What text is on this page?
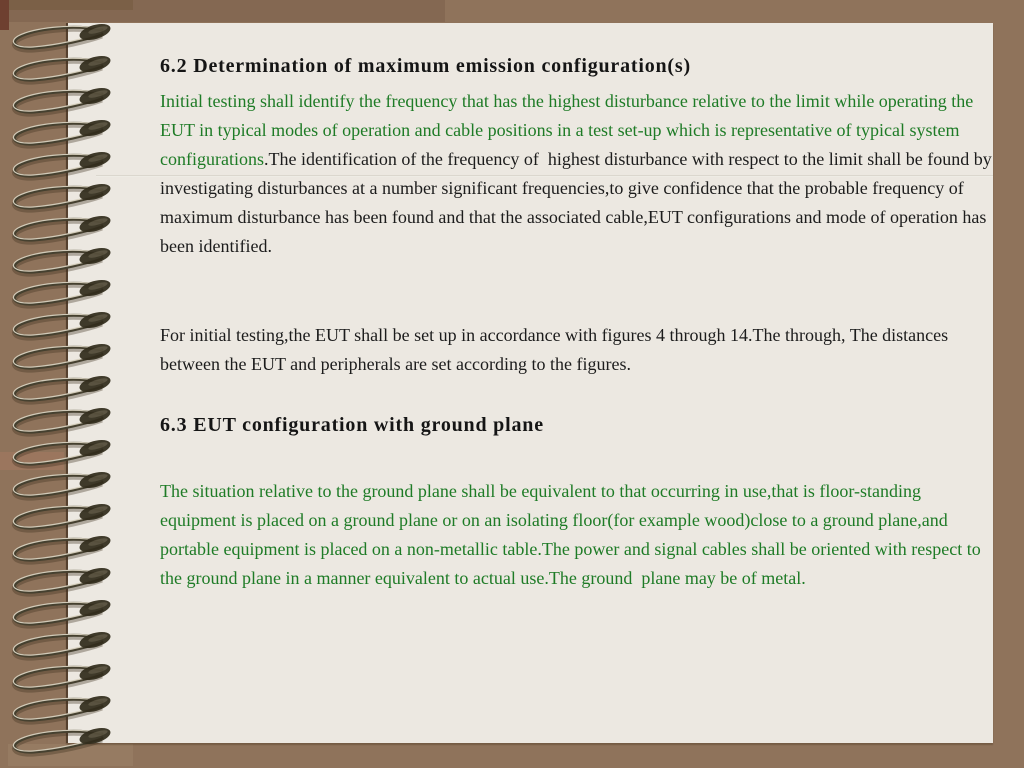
6.2 Determination of maximum emission configuration(s)

Initial testing shall identify the frequency that has the highest disturbance relative to the limit while operating the EUT in typical modes of operation and cable positions in a test set-up which is representative of typical system configurations.The identification of the frequency of  highest disturbance with respect to the limit shall be found by investigating disturbances at a number significant frequencies,to give confidence that the probable frequency of maximum disturbance has been found and that the associated cable,EUT configurations and mode of operation has been identified.

For initial testing,the EUT shall be set up in accordance with figures 4 through 14.The through, The distances between the EUT and peripherals are set according to the figures.

6.3 EUT configuration with ground plane

The situation relative to the ground plane shall be equivalent to that occurring in use,that is floor-standing equipment is placed on a ground plane or on an isolating floor(for example wood)close to a ground plane,and portable equipment is placed on a non-metallic table.The power and signal cables shall be oriented with respect to the ground plane in a manner equivalent to actual use.The ground  plane may be of metal.
